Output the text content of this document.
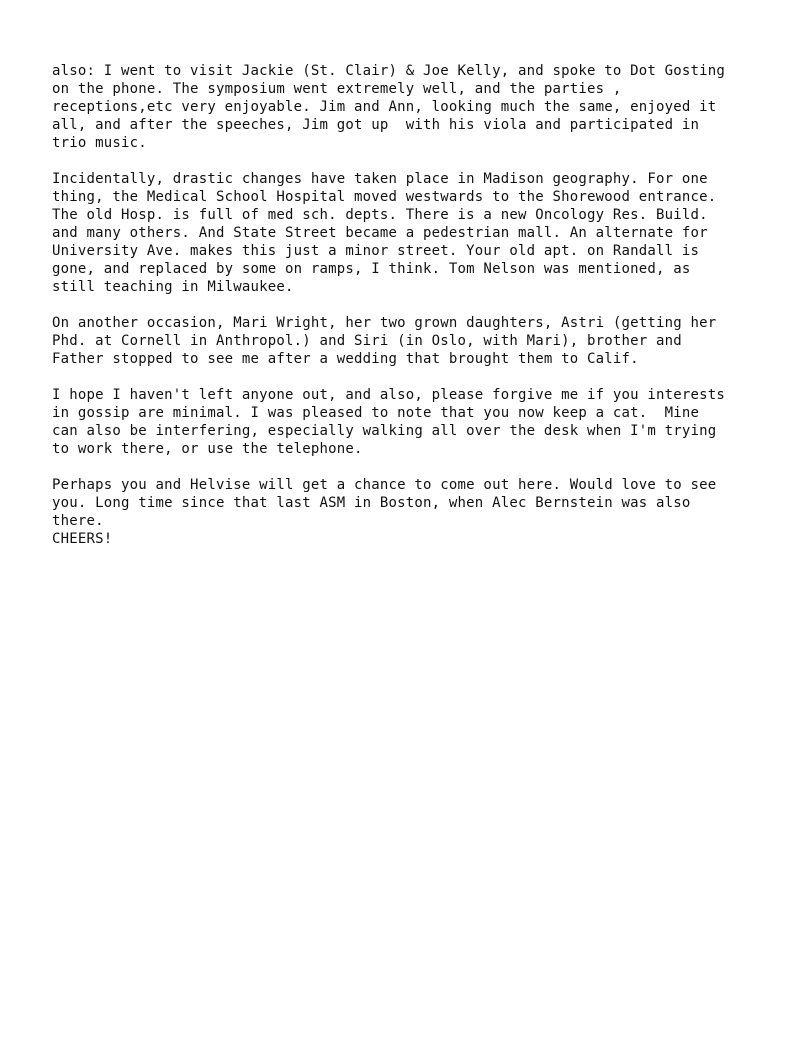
also: I went to visit Jackie (St. Clair) & Joe Kelly, and spoke to Dot Gosting
on the phone. The symposium went extremely well, and the parties ,
receptions,etc very enjoyable. Jim and Ann, looking much the same, enjoyed it
all, and after the speeches, Jim got up  with his viola and participated in
trio music.

Incidentally, drastic changes have taken place in Madison geography. For one
thing, the Medical School Hospital moved westwards to the Shorewood entrance.
The old Hosp. is full of med sch. depts. There is a new Oncology Res. Build.
and many others. And State Street became a pedestrian mall. An alternate for
University Ave. makes this just a minor street. Your old apt. on Randall is
gone, and replaced by some on ramps, I think. Tom Nelson was mentioned, as
still teaching in Milwaukee.

On another occasion, Mari Wright, her two grown daughters, Astri (getting her
Phd. at Cornell in Anthropol.) and Siri (in Oslo, with Mari), brother and
Father stopped to see me after a wedding that brought them to Calif.

I hope I haven't left anyone out, and also, please forgive me if you interests
in gossip are minimal. I was pleased to note that you now keep a cat.  Mine
can also be interfering, especially walking all over the desk when I'm trying
to work there, or use the telephone.

Perhaps you and Helvise will get a chance to come out here. Would love to see
you. Long time since that last ASM in Boston, when Alec Bernstein was also
there.
CHEERS!
